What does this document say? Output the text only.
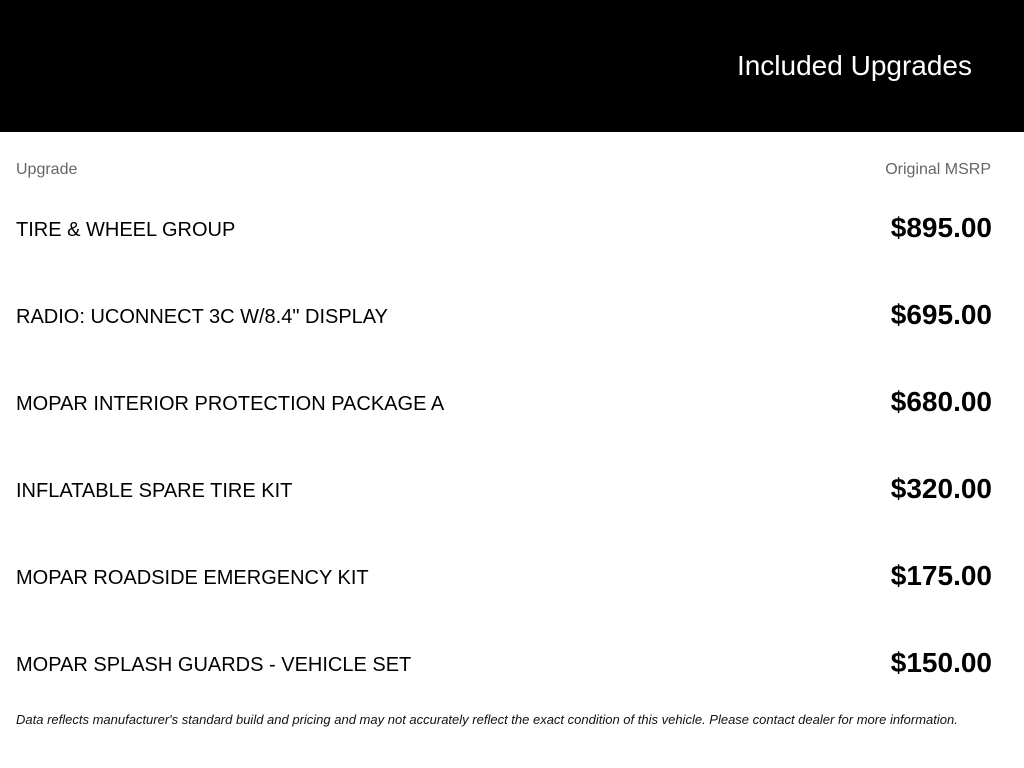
Included Upgrades
Upgrade	Original MSRP
TIRE & WHEEL GROUP	$895.00
RADIO: UCONNECT 3C W/8.4" DISPLAY	$695.00
MOPAR INTERIOR PROTECTION PACKAGE A	$680.00
INFLATABLE SPARE TIRE KIT	$320.00
MOPAR ROADSIDE EMERGENCY KIT	$175.00
MOPAR SPLASH GUARDS - VEHICLE SET	$150.00
Data reflects manufacturer's standard build and pricing and may not accurately reflect the exact condition of this vehicle. Please contact dealer for more information.
